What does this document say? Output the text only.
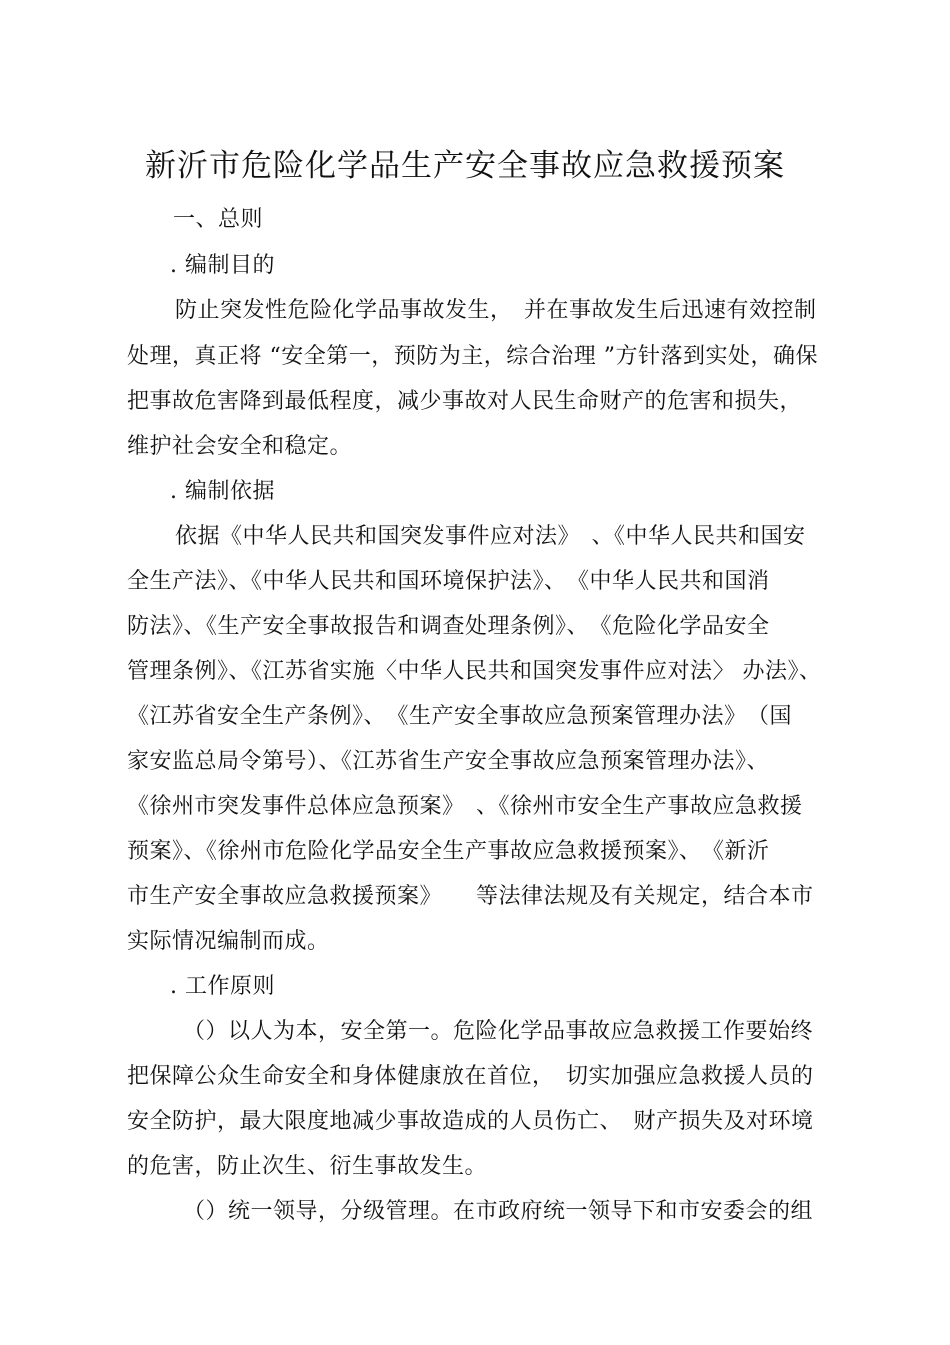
新沂市危险化学品生产安全事故应急救援预案
一、总则
. 编制目的
防止突发性危险化学品事故发生，　并在事故发生后迅速有效控制
处理，真正将 “安全第一，预防为主，综合治理 ”方针落到实处，确保
把事故危害降到最低程度，减少事故对人民生命财产的危害和损失，
维护社会安全和稳定。
. 编制依据
依据《中华人民共和国突发事件应对法》　、《中华人民共和国安
全生产法》、《中华人民共和国环境保护法》、　《中华人民共和国消
防法》、《生产安全事故报告和调查处理条例》、　《危险化学品安全
管理条例》、《江苏省实施〈中华人民共和国突发事件应对法〉 办法》、
《江苏省安全生产条例》、　《生产安全事故应急预案管理办法》　（国
家安监总局令第号）、《江苏省生产安全事故应急预案管理办法》、
《徐州市突发事件总体应急预案》　、《徐州市安全生产事故应急救援
预案》、《徐州市危险化学品安全生产事故应急救援预案》、　《新沂
市生产安全事故应急救援预案》　　等法律法规及有关规定，结合本市
实际情况编制而成。
. 工作原则
（）以人为本，安全第一。危险化学品事故应急救援工作要始终
把保障公众生命安全和身体健康放在首位，　切实加强应急救援人员的
安全防护，最大限度地减少事故造成的人员伤亡、　财产损失及对环境
的危害，防止次生、衍生事故发生。
（）统一领导，分级管理。在市政府统一领导下和市安委会的组
